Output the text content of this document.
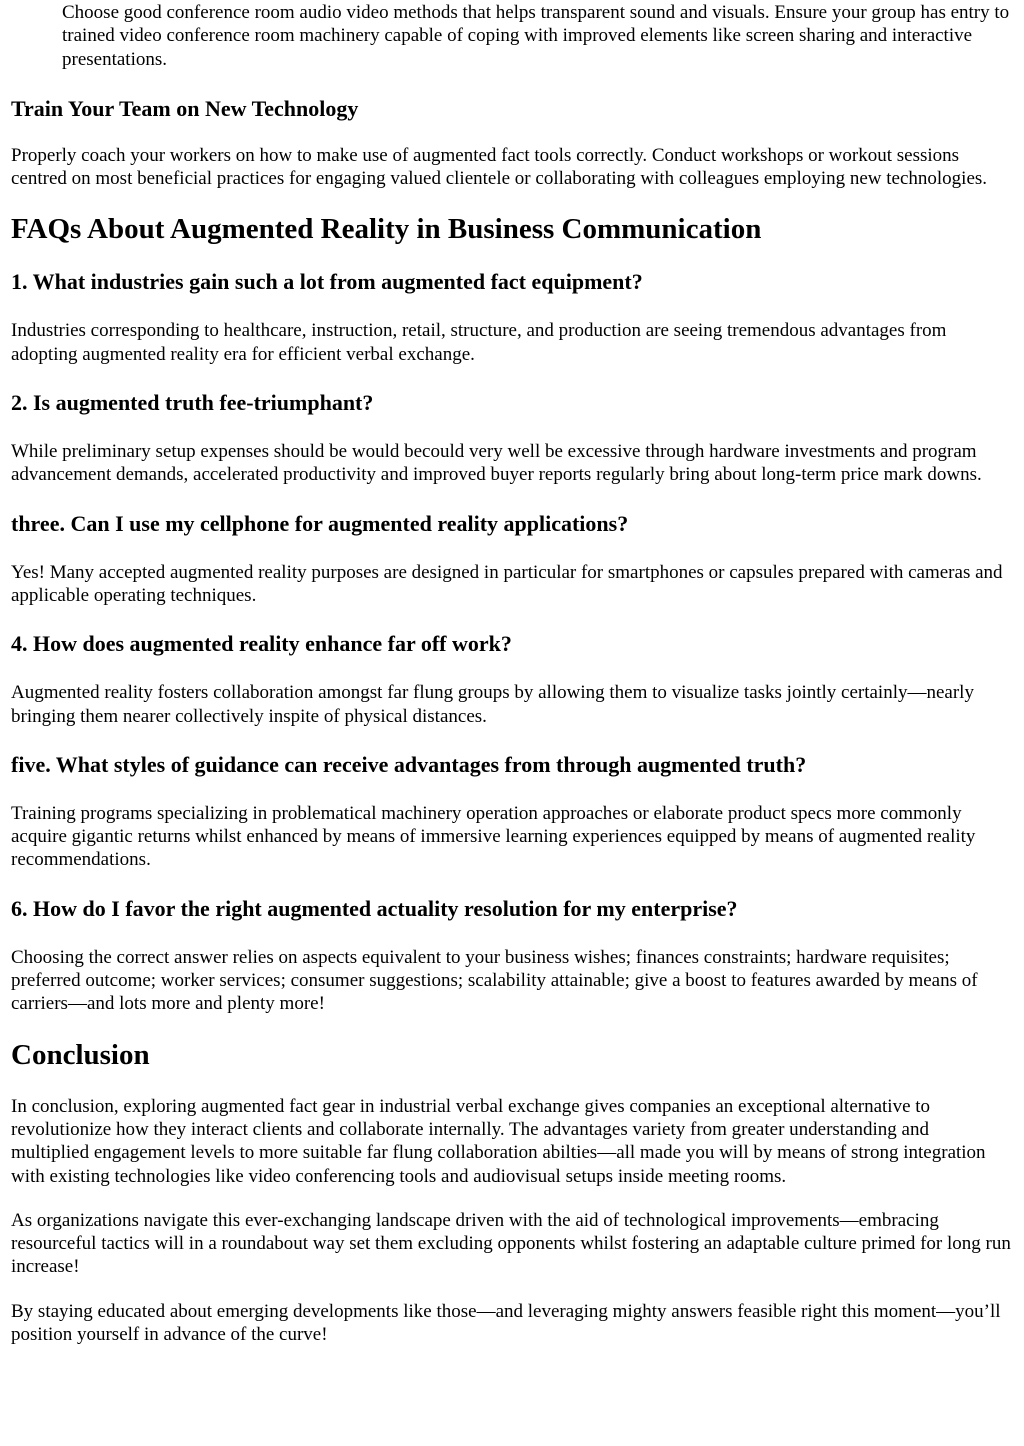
Choose good conference room audio video methods that helps transparent sound and visuals. Ensure your group has entry to trained video conference room machinery capable of coping with improved elements like screen sharing and interactive presentations.

Train Your Team on New Technology

Properly coach your workers on how to make use of augmented fact tools correctly. Conduct workshops or workout sessions centred on most beneficial practices for engaging valued clientele or collaborating with colleagues employing new technologies.

FAQs About Augmented Reality in Business Communication
1. What industries gain such a lot from augmented fact equipment?

Industries corresponding to healthcare, instruction, retail, structure, and production are seeing tremendous advantages from adopting augmented reality era for efficient verbal exchange.

2. Is augmented truth fee-triumphant?

While preliminary setup expenses should be would becould very well be excessive through hardware investments and program advancement demands, accelerated productivity and improved buyer reports regularly bring about long-term price mark downs.

three. Can I use my cellphone for augmented reality applications?

Yes! Many accepted augmented reality purposes are designed in particular for smartphones or capsules prepared with cameras and applicable operating techniques.

4. How does augmented reality enhance far off work?

Augmented reality fosters collaboration amongst far flung groups by allowing them to visualize tasks jointly certainly—nearly bringing them nearer collectively inspite of physical distances.

five. What styles of guidance can receive advantages from through augmented truth?

Training programs specializing in problematical machinery operation approaches or elaborate product specs more commonly acquire gigantic returns whilst enhanced by means of immersive learning experiences equipped by means of augmented reality recommendations.

6. How do I favor the right augmented actuality resolution for my enterprise?

Choosing the correct answer relies on aspects equivalent to your business wishes; finances constraints; hardware requisites; preferred outcome; worker services; consumer suggestions; scalability attainable; give a boost to features awarded by means of carriers—and lots more and plenty more!

Conclusion

In conclusion, exploring augmented fact gear in industrial verbal exchange gives companies an exceptional alternative to revolutionize how they interact clients and collaborate internally. The advantages variety from greater understanding and multiplied engagement levels to more suitable far flung collaboration abilties—all made you will by means of strong integration with existing technologies like video conferencing tools and audiovisual setups inside meeting rooms.

As organizations navigate this ever-exchanging landscape driven with the aid of technological improvements—embracing resourceful tactics will in a roundabout way set them excluding opponents whilst fostering an adaptable culture primed for long run increase!

By staying educated about emerging developments like those—and leveraging mighty answers feasible right this moment—you’ll position yourself in advance of the curve!
